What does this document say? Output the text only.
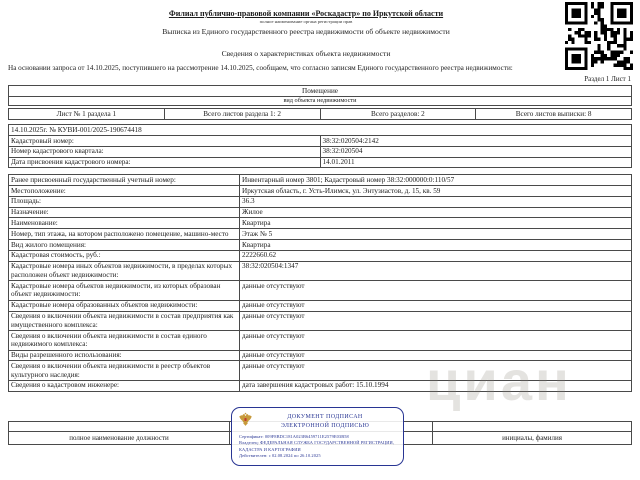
Филиал публично-правовой компании «Роскадастр» по Иркутской области
полное наименование органа регистрации прав
Выписка из Единого государственного реестра недвижимости об объекте недвижимости
Сведения о характеристиках объекта недвижимости
На основании запроса от 14.10.2025, поступившего на рассмотрение 14.10.2025, сообщаем, что согласно записям Единого государственного реестра недвижимости:
Раздел 1 Лист 1
Помещение
вид объекта недвижимости
Лист № 1 раздела 1	Всего листов раздела 1: 2	Всего разделов: 2	Всего листов выписки: 8
14.10.2025г. № КУВИ-001/2025-190674418	
Кадастровый номер:	38:32:020504:2142
Номер кадастрового квартала:	38:32:020504
Дата присвоения кадастрового номера:	14.01.2011
Ранее присвоенный государственный учетный номер:	Инвентарный номер 3801; Кадастровый номер 38:32:000000:0:110/57
Местоположение:	Иркутская область, г. Усть-Илимск, ул. Энтузиастов, д. 15, кв. 59
Площадь:	36.3
Назначение:	Жилое
Наименование:	Квартира
Номер, тип этажа, на котором расположено помещение, машино-место	Этаж № 5
Вид жилого помещения:	Квартира
Кадастровая стоимость, руб.:	2222660.62
Кадастровые номера иных объектов недвижимости, в пределах которых расположен объект недвижимости:	38:32:020504:1347
Кадастровые номера объектов недвижимости, из которых образован объект недвижимости:	данные отсутствуют
Кадастровые номера образованных объектов недвижимости:	данные отсутствуют
Сведения о включении объекта недвижимости в состав предприятия как имущественного комплекса:	данные отсутствуют
Сведения о включении объекта недвижимости в состав единого недвижимого комплекса:	данные отсутствуют
Виды разрешенного использования:	данные отсутствуют
Сведения о включении объекта недвижимости в реестр объектов культурного наследия:	данные отсутствуют
Сведения о кадастровом инженере:	дата завершения кадастровых работ: 15.10.1994

полное наименование должности		инициалы, фамилия
ДОКУМЕНТ ПОДПИСАН
ЭЛЕКТРОННОЙ ПОДПИСЬЮ
Сертификат: 009F8BDC181A023B6459711E2579E03B58
Владелец: ФЕДЕРАЛЬНАЯ СЛУЖБА ГОСУДАРСТВЕННОЙ РЕГИСТРАЦИИ, КАДАСТРА И КАРТОГРАФИИ
Действителен: с 02.08.2024 по 26.10.2025
циан
